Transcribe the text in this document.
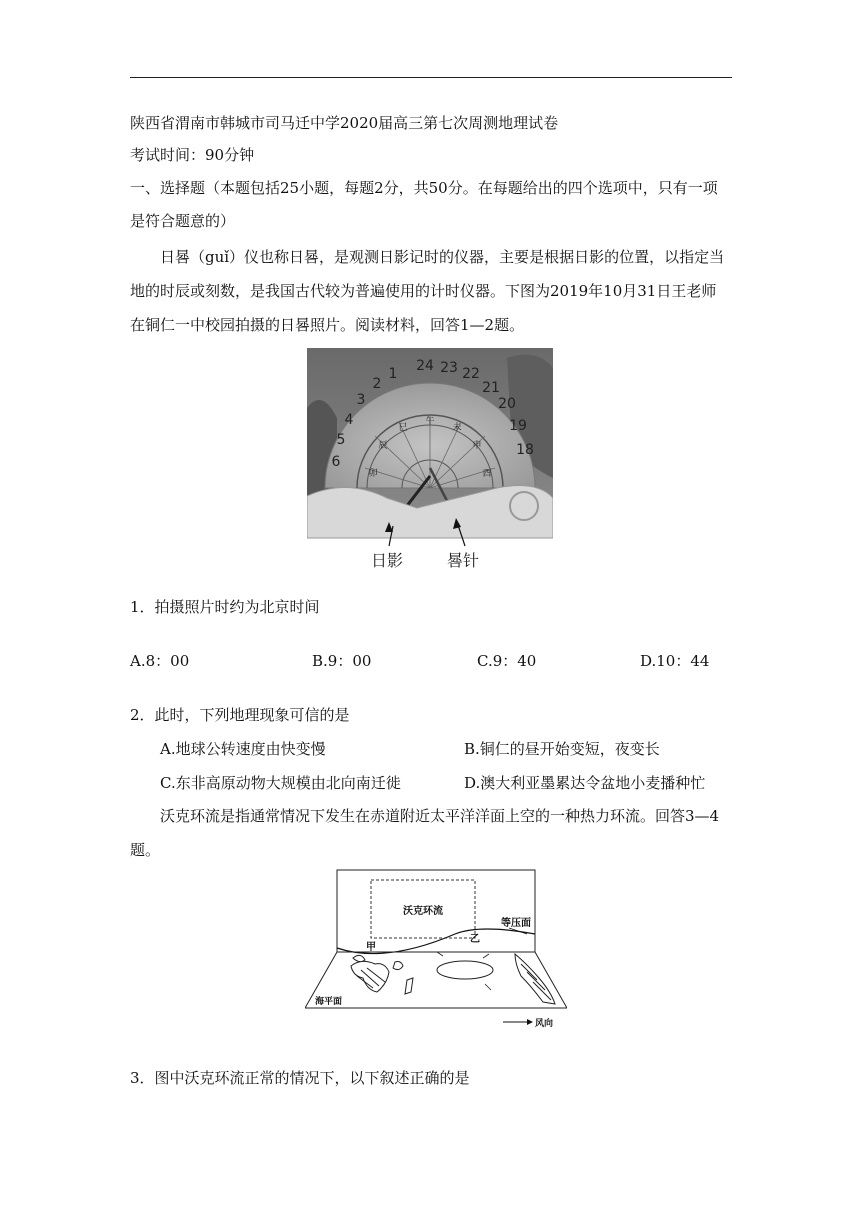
陕西省渭南市韩城市司马迁中学2020届高三第七次周测地理试卷
考试时间：90分钟
一、选择题（本题包括25小题，每题2分，共50分。在每题给出的四个选项中，只有一项
是符合题意的）
日晷（guǐ）仪也称日晷，是观测日影记时的仪器，主要是根据日影的位置，以指定当
地的时辰或刻数，是我国古代较为普遍使用的计时仪器。下图为2019年10月31日王老师
在铜仁一中校园拍摄的日晷照片。阅读材料，回答1—2题。
6
5
4
3
2
1 24 23 22
21
20
19
18
卯
辰
巳
午
未
申
酉
日影	晷针
1．拍摄照片时约为北京时间
A.8：00	B.9：00	C.9：40	D.10：44
2．此时，下列地理现象可信的是
A.地球公转速度由快变慢	B.铜仁的昼开始变短，夜变长
C.东非高原动物大规模由北向南迁徙	D.澳大利亚墨累达令盆地小麦播种忙
沃克环流是指通常情况下发生在赤道附近太平洋洋面上空的一种热力环流。回答3—4
题。
沃克环流
等压面
甲
乙
海平面
风向
3．图中沃克环流正常的情况下，以下叙述正确的是
